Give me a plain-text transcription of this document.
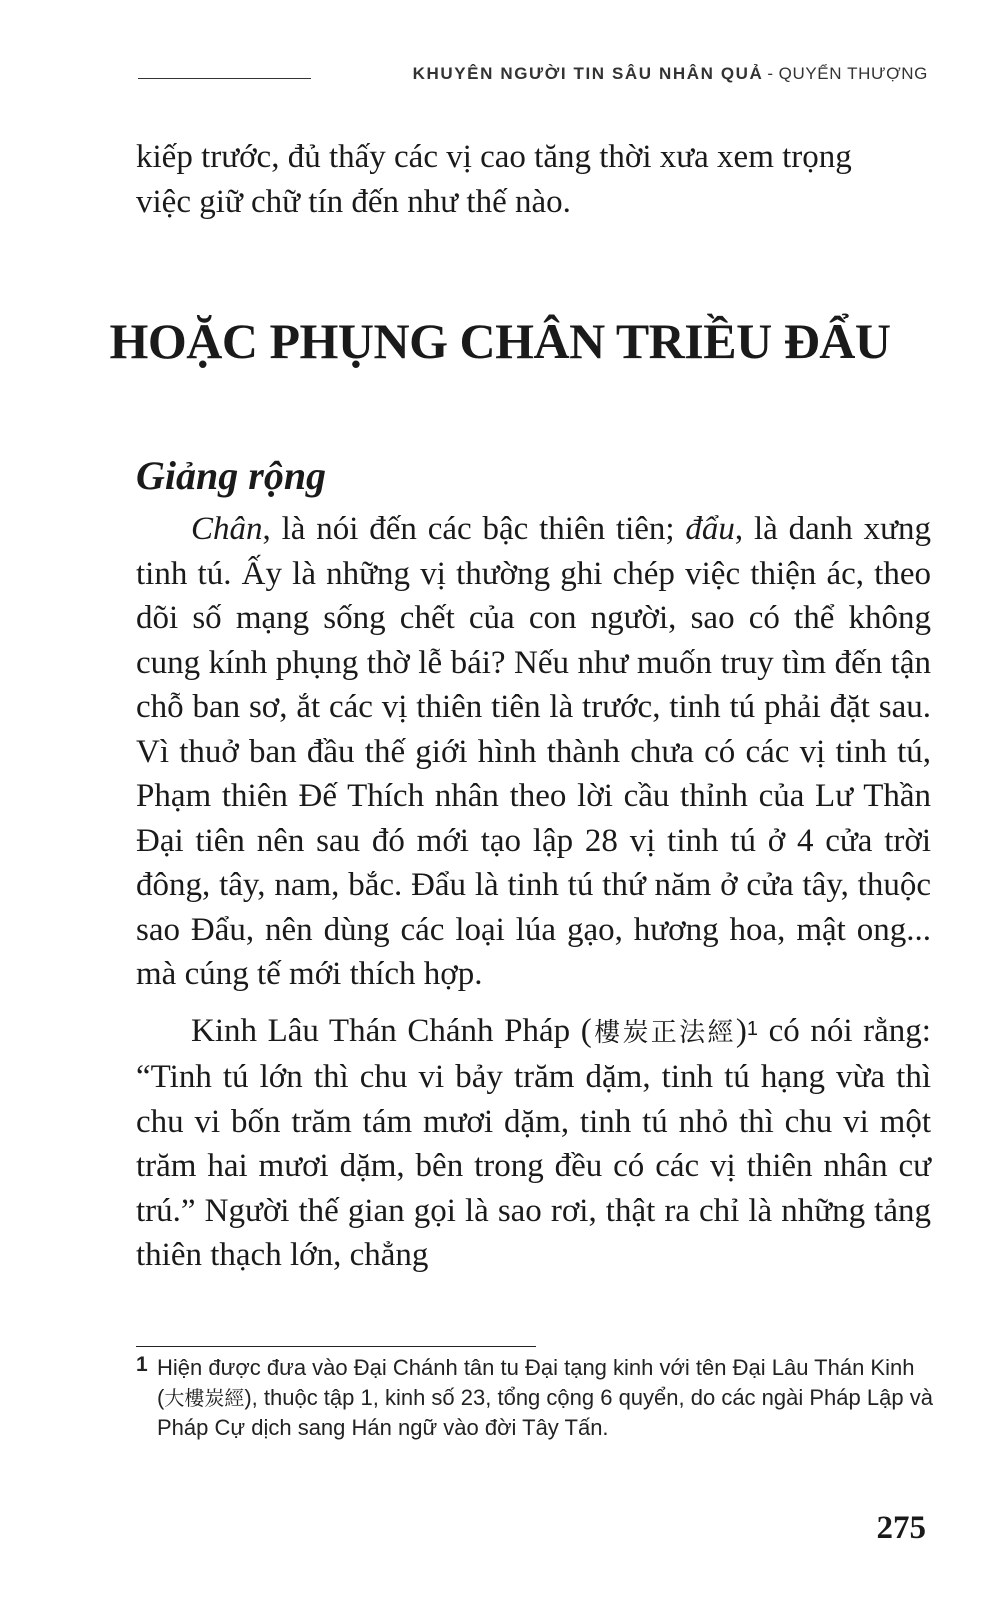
KHUYÊN NGƯỜI TIN SÂU NHÂN QUẢ - QUYỂN THƯỢNG

kiếp trước, đủ thấy các vị cao tăng thời xưa xem trọng

việc giữ chữ tín đến như thế nào.

HOẶC PHỤNG CHÂN TRIỀU ĐẨU
Giảng rộng

Chân, là nói đến các bậc thiên tiên; đẩu, là danh xưng tinh tú. Ấy là những vị thường ghi chép việc thiện ác, theo dõi số mạng sống chết của con người, sao có thể không cung kính phụng thờ lễ bái? Nếu như muốn truy tìm đến tận chỗ ban sơ, ắt các vị thiên tiên là trước, tinh tú phải đặt sau. Vì thuở ban đầu thế giới hình thành chưa có các vị tinh tú, Phạm thiên Đế Thích nhân theo lời cầu thỉnh của Lư Thần Đại tiên nên sau đó mới tạo lập 28 vị tinh tú ở 4 cửa trời đông, tây, nam, bắc. Đẩu là tinh tú thứ năm ở cửa tây, thuộc sao Đẩu, nên dùng các loại lúa gạo, hương hoa, mật ong... mà cúng tế mới thích hợp.

Kinh Lâu Thán Chánh Pháp (樓炭正法經)$^1$ có nói rằng: “Tinh tú lớn thì chu vi bảy trăm dặm, tinh tú hạng vừa thì chu vi bốn trăm tám mươi dặm, tinh tú nhỏ thì chu vi một trăm hai mươi dặm, bên trong đều có các vị thiên nhân cư trú.” Người thế gian gọi là sao rơi, thật ra chỉ là những tảng thiên thạch lớn, chẳng

1 Hiện được đưa vào Đại Chánh tân tu Đại tạng kinh với tên Đại Lâu Thán Kinh (大樓炭經), thuộc tập 1, kinh số 23, tổng cộng 6 quyển, do các ngài Pháp Lập và Pháp Cự dịch sang Hán ngữ vào đời Tây Tấn.
275
